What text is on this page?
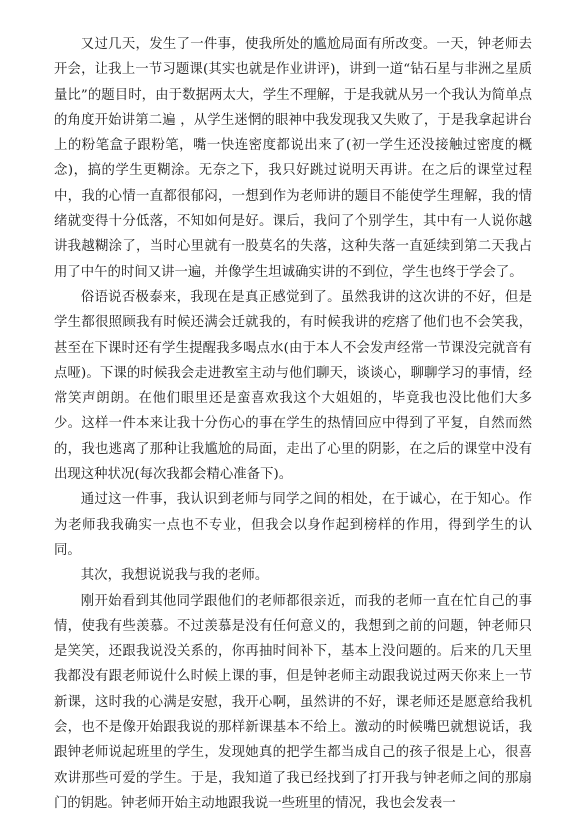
又过几天，发生了一件事，使我所处的尴尬局面有所改变。一天，钟老师去开会，让我上一节习题课(其实也就是作业讲评)，讲到一道“钻石星与非洲之星质量比”的题目时，由于数据两太大，学生不理解，于是我就从另一个我认为简单点的角度开始讲第二遍 ，从学生迷惘的眼神中我发现我又失败了，于是我拿起讲台上的粉笔盒子跟粉笔，嘴一快连密度都说出来了(初一学生还没接触过密度的概念)，搞的学生更糊涂。无奈之下，我只好跳过说明天再讲。在之后的课堂过程中，我的心情一直都很郁闷，一想到作为老师讲的题目不能使学生理解，我的情绪就变得十分低落，不知如何是好。课后，我问了个别学生，其中有一人说你越讲我越糊涂了，当时心里就有一股莫名的失落，这种失落一直延续到第二天我占用了中午的时间又讲一遍，并像学生坦诚确实讲的不到位，学生也终于学会了。

俗语说否极泰来，我现在是真正感觉到了。虽然我讲的这次讲的不好，但是学生都很照顾我有时候还满会迁就我的，有时候我讲的疙瘩了他们也不会笑我，甚至在下课时还有学生提醒我多喝点水(由于本人不会发声经常一节课没完就音有点哑)。下课的时候我会走进教室主动与他们聊天，谈谈心，聊聊学习的事情，经常笑声朗朗。在他们眼里还是蛮喜欢我这个大姐姐的，毕竟我也没比他们大多少。这样一件本来让我十分伤心的事在学生的热情回应中得到了平复，自然而然的，我也逃离了那种让我尴尬的局面，走出了心里的阴影，在之后的课堂中没有出现这种状况(每次我都会精心准备下)。

通过这一件事，我认识到老师与同学之间的相处，在于诚心，在于知心。作为老师我我确实一点也不专业，但我会以身作起到榜样的作用，得到学生的认同。

其次，我想说说我与我的老师。

刚开始看到其他同学跟他们的老师都很亲近，而我的老师一直在忙自己的事情，使我有些羡慕。不过羡慕是没有任何意义的，我想到之前的问题，钟老师只是笑笑，还跟我说没关系的，你再抽时间补下，基本上没问题的。后来的几天里我都没有跟老师说什么时候上课的事，但是钟老师主动跟我说过两天你来上一节新课，这时我的心满是安慰，我开心啊，虽然讲的不好，课老师还是愿意给我机会，也不是像开始跟我说的那样新课基本不给上。激动的时候嘴巴就想说话，我跟钟老师说起班里的学生，发现她真的把学生都当成自己的孩子很是上心，很喜欢讲那些可爱的学生。于是，我知道了我已经找到了打开我与钟老师之间的那扇门的钥匙。钟老师开始主动地跟我说一些班里的情况，我也会发表一
